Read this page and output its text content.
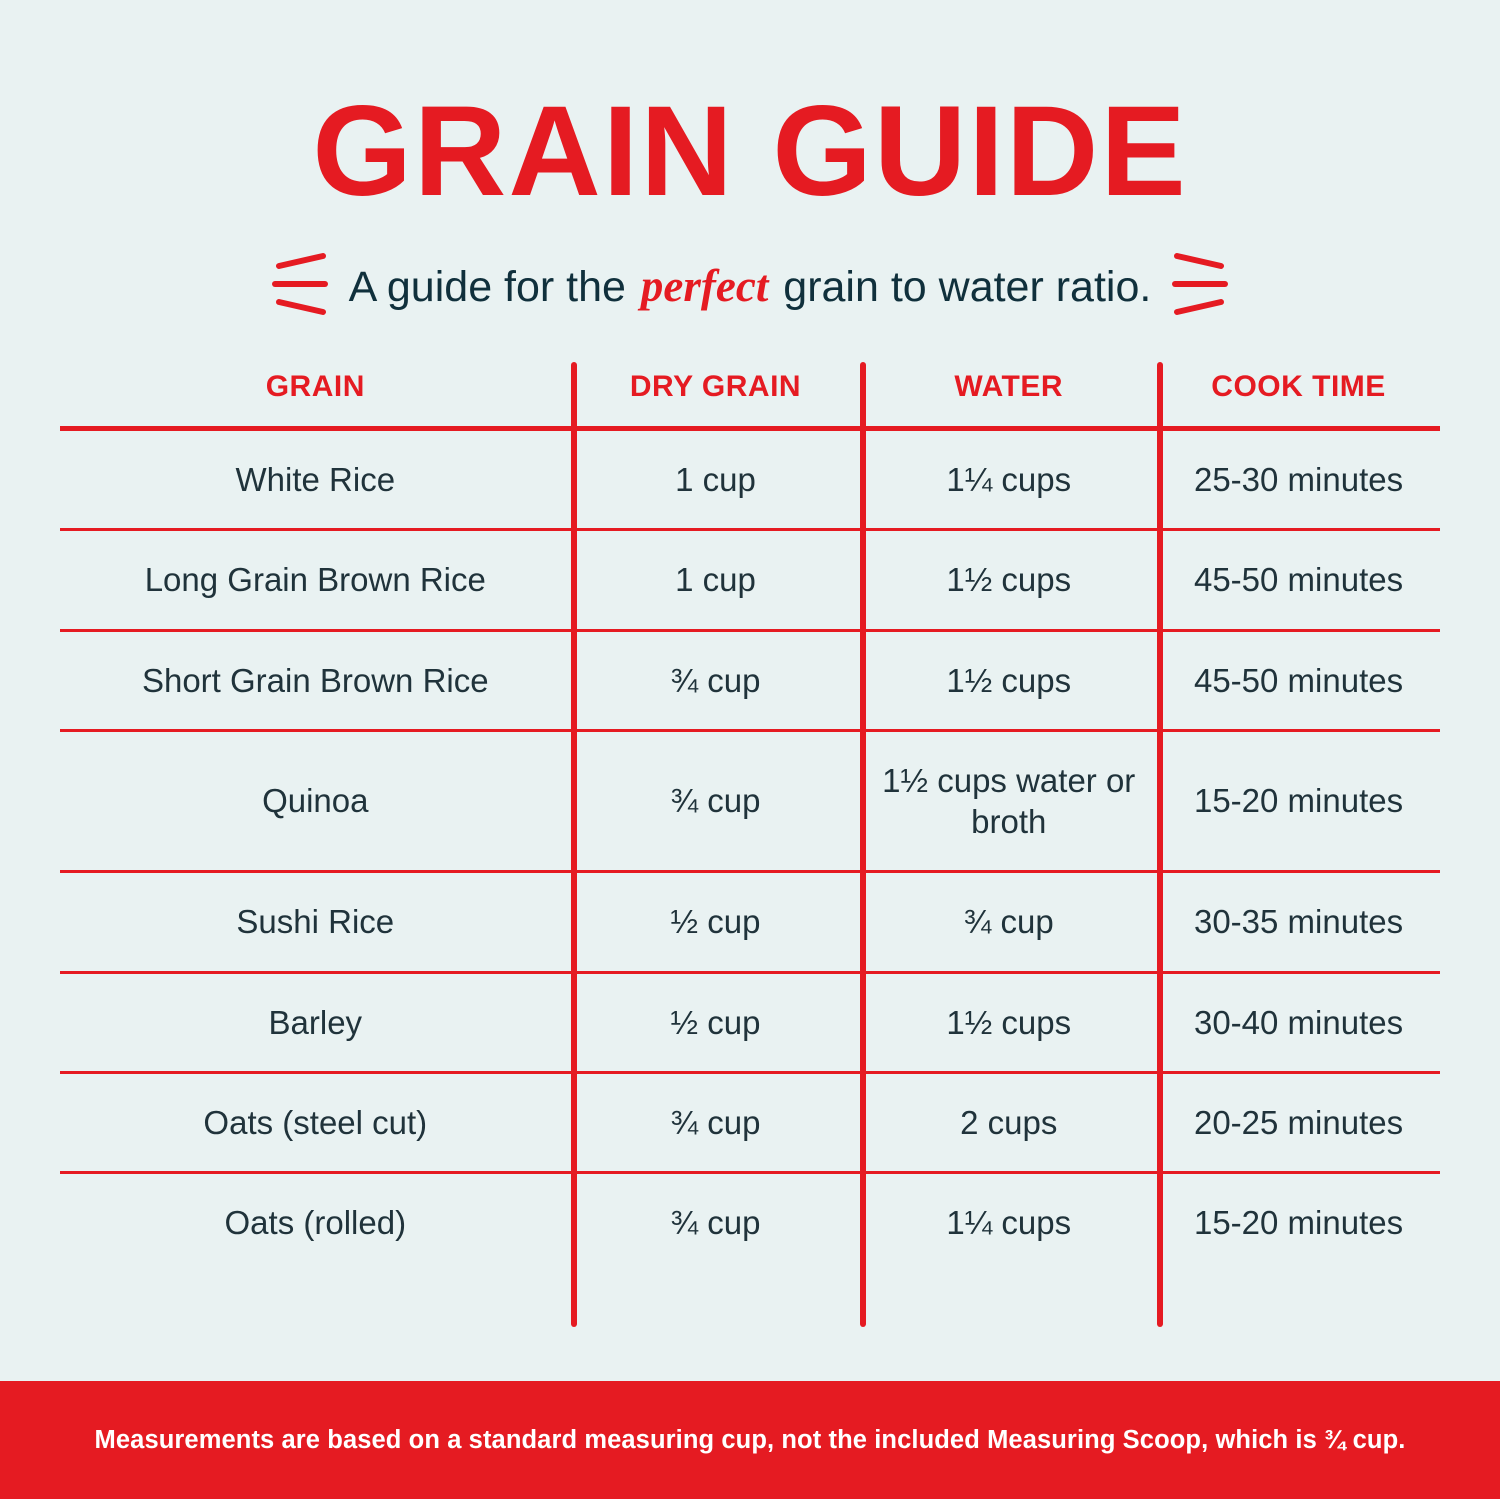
GRAIN GUIDE
A guide for the perfect grain to water ratio.
GRAIN	DRY GRAIN	WATER	COOK TIME
White Rice	1 cup	1¼ cups	25-30 minutes
Long Grain Brown Rice	1 cup	1½ cups	45-50 minutes
Short Grain Brown Rice	¾ cup	1½ cups	45-50 minutes
Quinoa	¾ cup	1½ cups water or broth	15-20 minutes
Sushi Rice	½ cup	¾ cup	30-35 minutes
Barley	½ cup	1½ cups	30-40 minutes
Oats (steel cut)	¾ cup	2 cups	20-25 minutes
Oats (rolled)	¾ cup	1¼ cups	15-20 minutes
Measurements are based on a standard measuring cup, not the included Measuring Scoop, which is ¾ cup.
